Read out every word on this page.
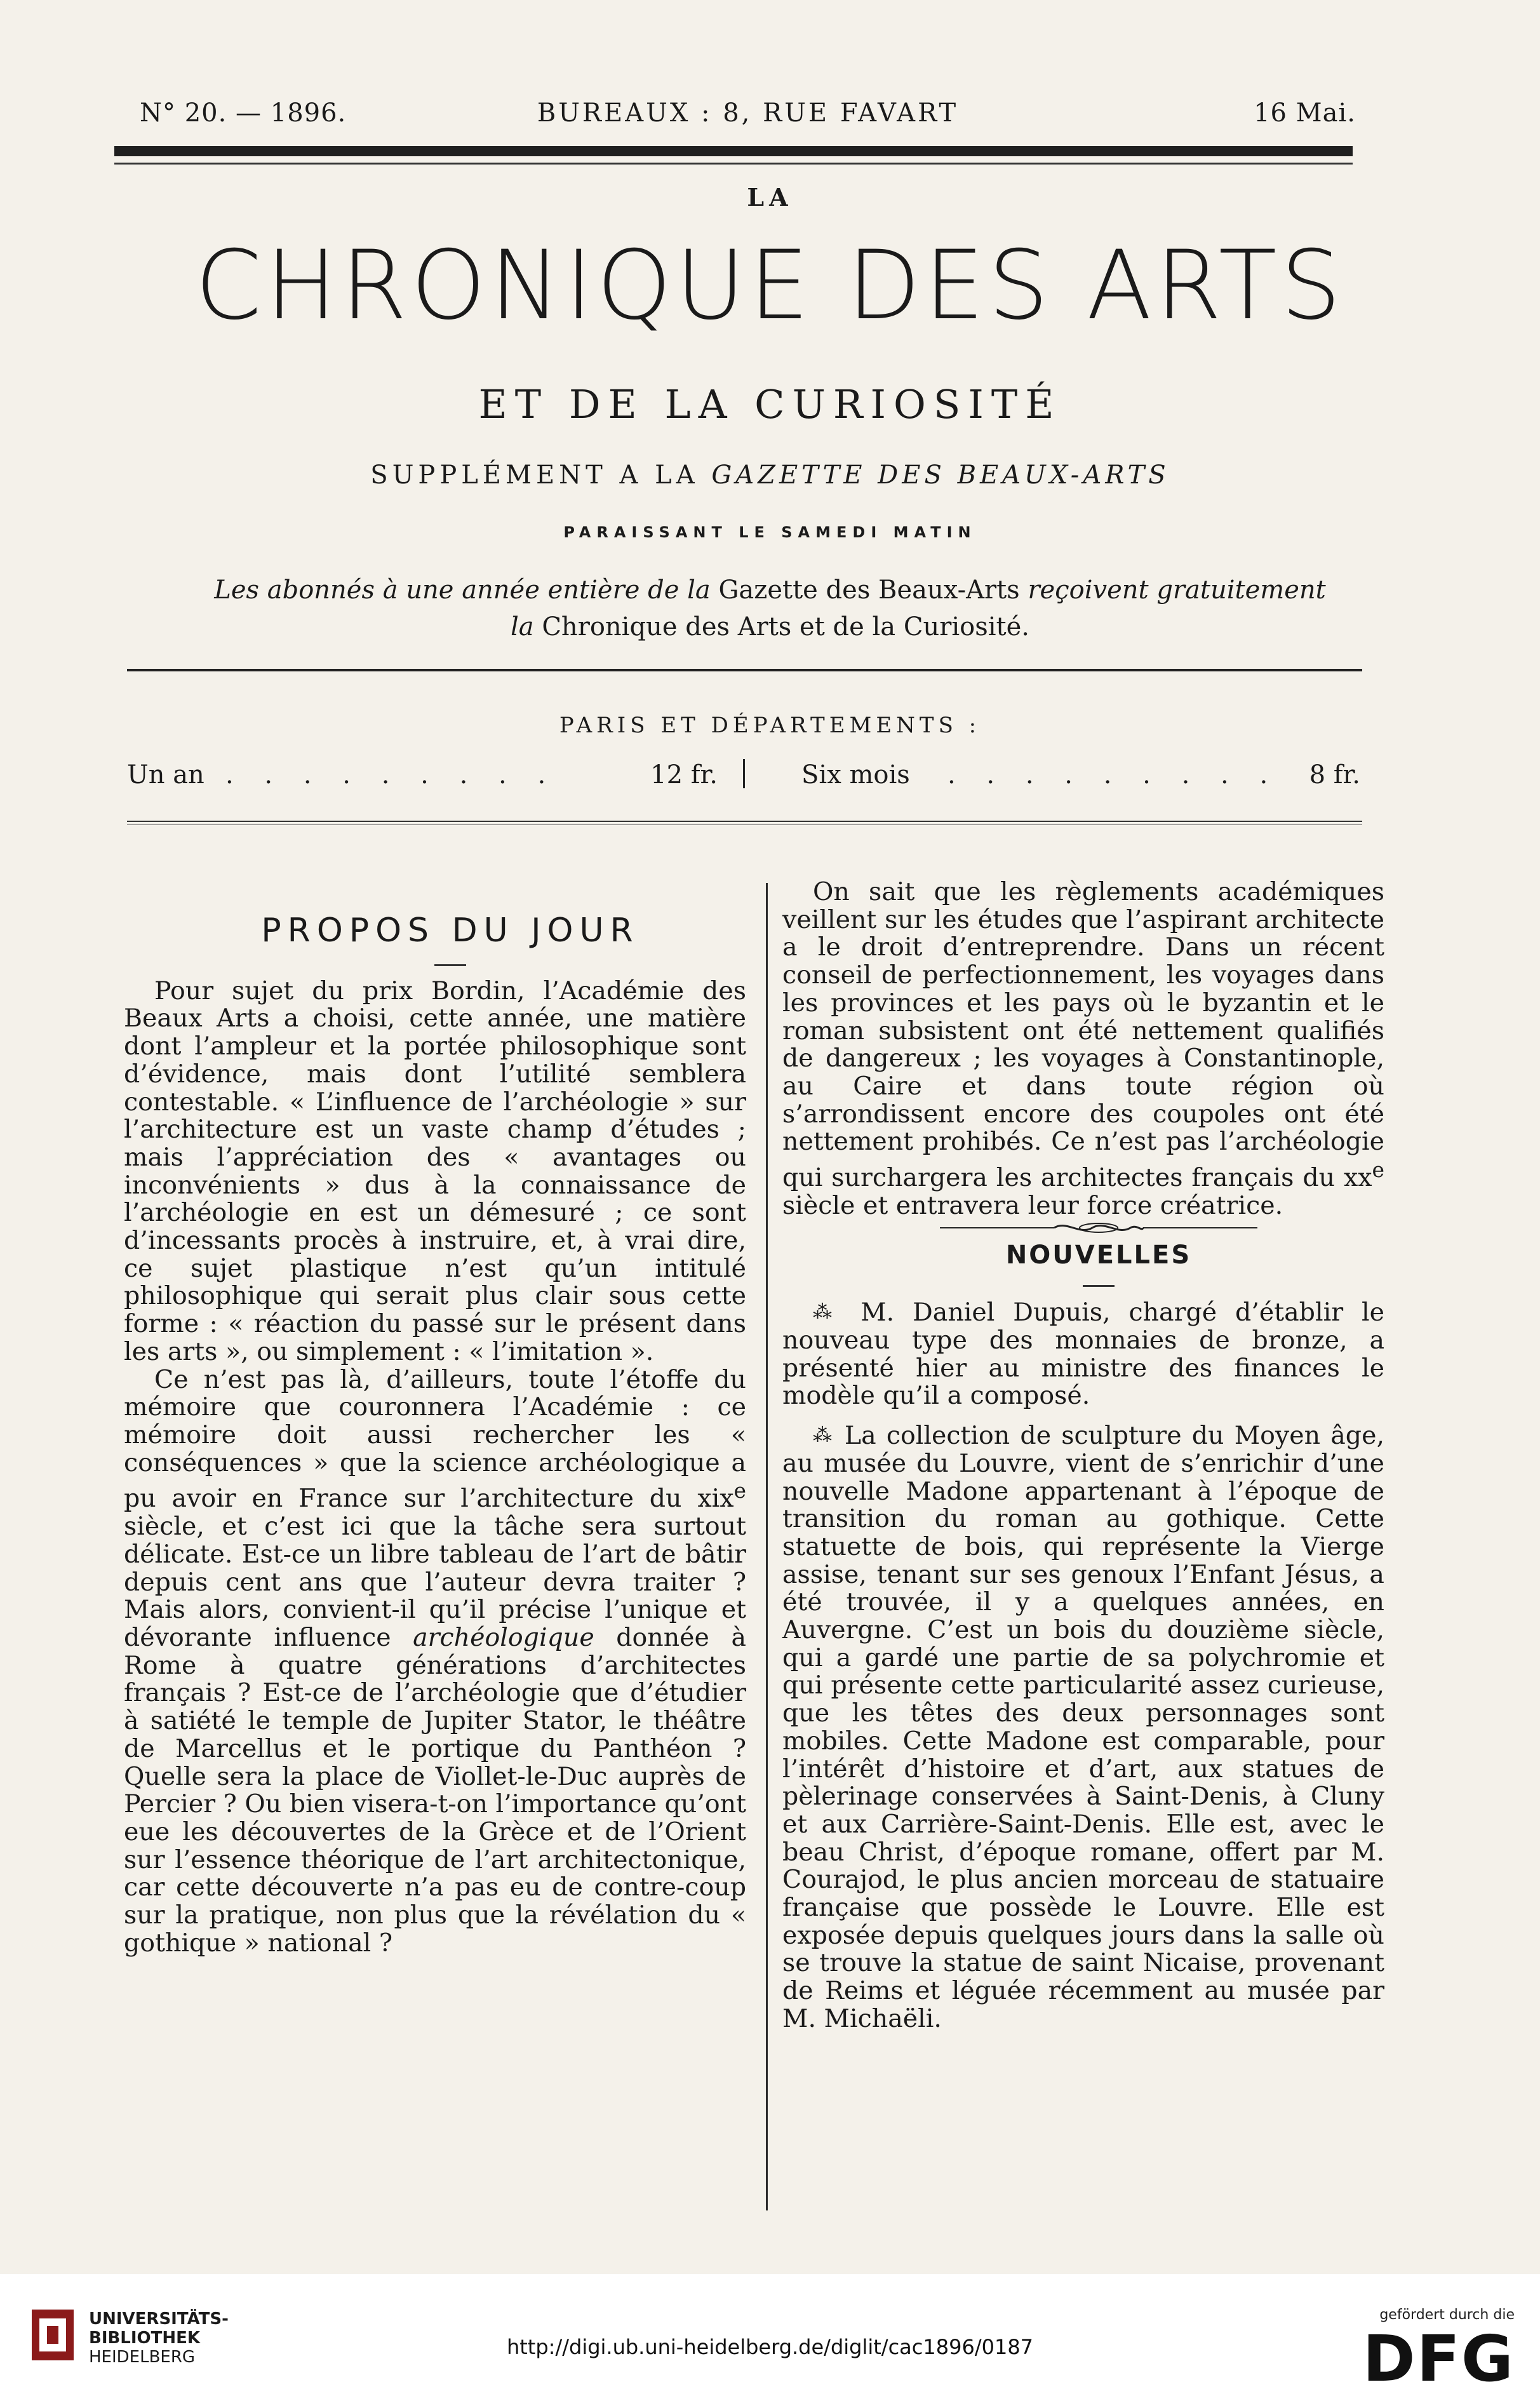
N° 20. — 1896.	BUREAUX : 8, RUE FAVART	16 Mai.
LA
CHRONIQUE DES ARTS
ET DE LA CURIOSITÉ
SUPPLÉMENT A LA GAZETTE DES BEAUX-ARTS
PARAISSANT LE SAMEDI MATIN
Les abonnés à une année entière de la Gazette des Beaux-Arts reçoivent gratuitement
la Chronique des Arts et de la Curiosité.
PARIS ET DÉPARTEMENTS :
Un an . . . . . . . . .	12 fr.	Six mois . . . . . . . . . 8 fr.

PROPOS DU JOUR

Pour sujet du prix Bordin, l’Académie des Beaux Arts a choisi, cette année, une matière dont l’ampleur et la portée philosophique sont d’évidence, mais dont l’utilité semblera contestable. « L’influence de l’archéologie » sur l’architecture est un vaste champ d’études ; mais l’appréciation des « avantages ou inconvénients » dus à la connaissance de l’archéologie en est un démesuré ; ce sont d’incessants procès à instruire, et, à vrai dire, ce sujet plastique n’est qu’un intitulé philosophique qui serait plus clair sous cette forme : « réaction du passé sur le présent dans les arts », ou simplement : « l’imitation ».

Ce n’est pas là, d’ailleurs, toute l’étoffe du mémoire que couronnera l’Académie : ce mémoire doit aussi rechercher les « conséquences » que la science archéologique a pu avoir en France sur l’architecture du xix$^e$ siècle, et c’est ici que la tâche sera surtout délicate. Est-ce un libre tableau de l’art de bâtir depuis cent ans que l’auteur devra traiter ? Mais alors, convient-il qu’il précise l’unique et dévorante influence archéologique donnée à Rome à quatre générations d’architectes français ? Est-ce de l’archéologie que d’étudier à satiété le temple de Jupiter Stator, le théâtre de Marcellus et le portique du Panthéon ? Quelle sera la place de Viollet-le-Duc auprès de Percier ? Ou bien visera-t-on l’importance qu’ont eue les découvertes de la Grèce et de l’Orient sur l’essence théorique de l’art architectonique, car cette découverte n’a pas eu de contre-coup sur la pratique, non plus que la révélation du « gothique » national ?

On sait que les règlements académiques veillent sur les études que l’aspirant architecte a le droit d’entreprendre. Dans un récent conseil de perfectionnement, les voyages dans les provinces et les pays où le byzantin et le roman subsistent ont été nettement qualifiés de dangereux ; les voyages à Constantinople, au Caire et dans toute région où s’arrondissent encore des coupoles ont été nettement prohibés. Ce n’est pas l’archéologie qui surchargera les architectes français du $xx^e$ siècle et entravera leur force créatrice.

NOUVELLES

⁂ M. Daniel Dupuis, chargé d’établir le nouveau type des monnaies de bronze, a présenté hier au ministre des finances le modèle qu’il a composé.

⁂ La collection de sculpture du Moyen âge, au musée du Louvre, vient de s’enrichir d’une nouvelle Madone appartenant à l’époque de transition du roman au gothique. Cette statuette de bois, qui représente la Vierge assise, tenant sur ses genoux l’Enfant Jésus, a été trouvée, il y a quelques années, en Auvergne. C’est un bois du douzième siècle, qui a gardé une partie de sa polychromie et qui présente cette particularité assez curieuse, que les têtes des deux personnages sont mobiles. Cette Madone est comparable, pour l’intérêt d’histoire et d’art, aux statues de pèlerinage conservées à Saint-Denis, à Cluny et aux Carrière-Saint-Denis. Elle est, avec le beau Christ, d’époque romane, offert par M. Courajod, le plus ancien morceau de statuaire française que possède le Louvre. Elle est exposée depuis quelques jours dans la salle où se trouve la statue de saint Nicaise, provenant de Reims et léguée récemment au musée par M. Michaëli.

UNIVERSITÄTS-
BIBLIOTHEK
HEIDELBERG	http://digi.ub.uni-heidelberg.de/diglit/cac1896/0187
gefördert durch die
DFG
